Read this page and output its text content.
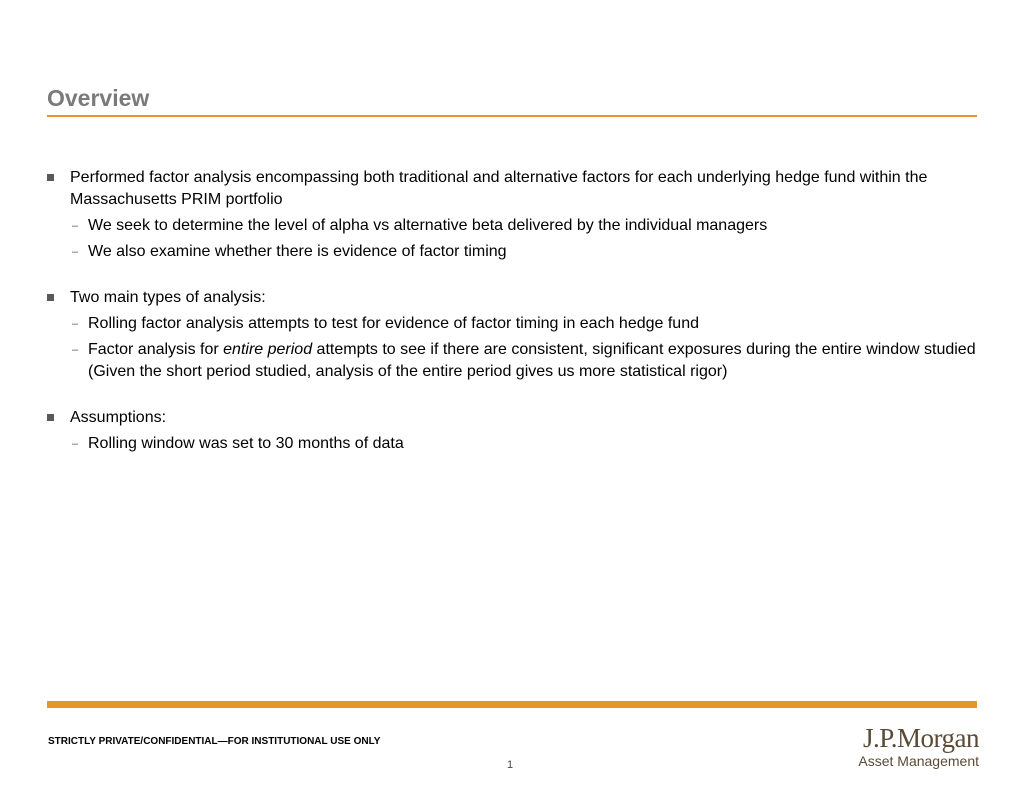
Overview
Performed factor analysis encompassing both traditional and alternative factors for each underlying hedge fund within the Massachusetts PRIM portfolio
– We seek to determine the level of alpha vs alternative beta delivered by the individual managers
– We also examine whether there is evidence of factor timing
Two main types of analysis:
– Rolling factor analysis attempts to test for evidence of factor timing in each hedge fund
– Factor analysis for entire period attempts to see if there are consistent, significant exposures during the entire window studied (Given the short period studied, analysis of the entire period gives us more statistical rigor)
Assumptions:
– Rolling window was set to 30 months of data
STRICTLY PRIVATE/CONFIDENTIAL—FOR INSTITUTIONAL USE ONLY
1
J.P.Morgan
Asset Management
